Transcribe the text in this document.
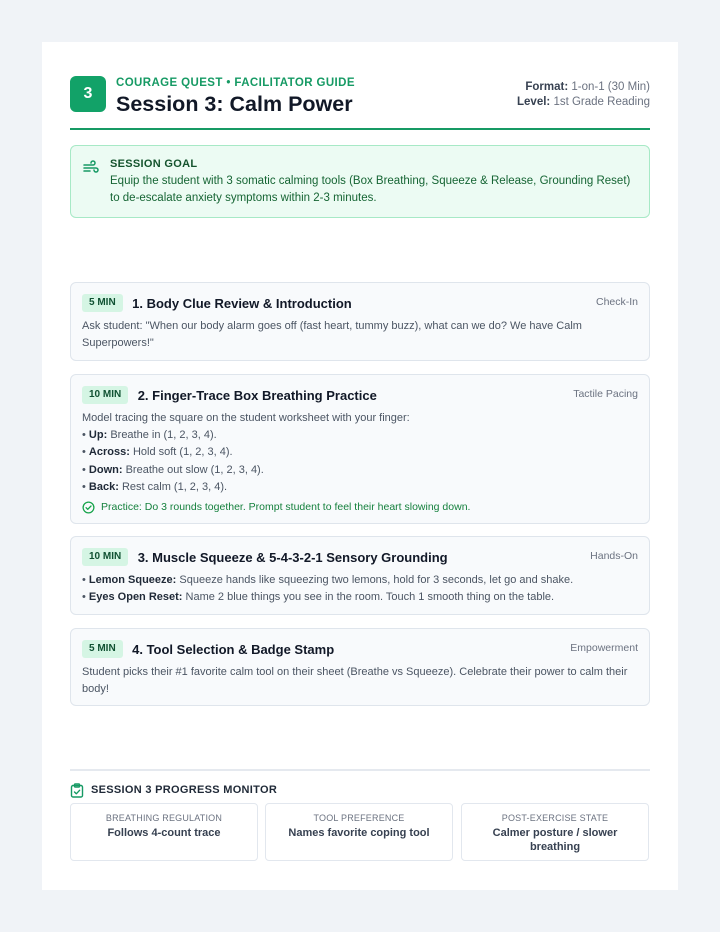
3
COURAGE QUEST • FACILITATOR GUIDE
Session 3: Calm Power
Format: 1-on-1 (30 Min)
Level: 1st Grade Reading
SESSION GOAL
Equip the student with 3 somatic calming tools (Box Breathing, Squeeze & Release, Grounding Reset) to de-escalate anxiety symptoms within 2-3 minutes.
5 MIN 1. Body Clue Review & Introduction	Check-In
Ask student: "When our body alarm goes off (fast heart, tummy buzz), what can we do? We have Calm Superpowers!"
10 MIN 2. Finger-Trace Box Breathing Practice	Tactile Pacing
Model tracing the square on the student worksheet with your finger:
• Up: Breathe in (1, 2, 3, 4).
• Across: Hold soft (1, 2, 3, 4).
• Down: Breathe out slow (1, 2, 3, 4).
• Back: Rest calm (1, 2, 3, 4).
Practice: Do 3 rounds together. Prompt student to feel their heart slowing down.
10 MIN 3. Muscle Squeeze & 5-4-3-2-1 Sensory Grounding	Hands-On
• Lemon Squeeze: Squeeze hands like squeezing two lemons, hold for 3 seconds, let go and shake.
• Eyes Open Reset: Name 2 blue things you see in the room. Touch 1 smooth thing on the table.
5 MIN 4. Tool Selection & Badge Stamp	Empowerment
Student picks their #1 favorite calm tool on their sheet (Breathe vs Squeeze). Celebrate their power to calm their body!
SESSION 3 PROGRESS MONITOR
BREATHING REGULATION
Follows 4-count trace
TOOL PREFERENCE
Names favorite coping tool
POST-EXERCISE STATE
Calmer posture / slower breathing
